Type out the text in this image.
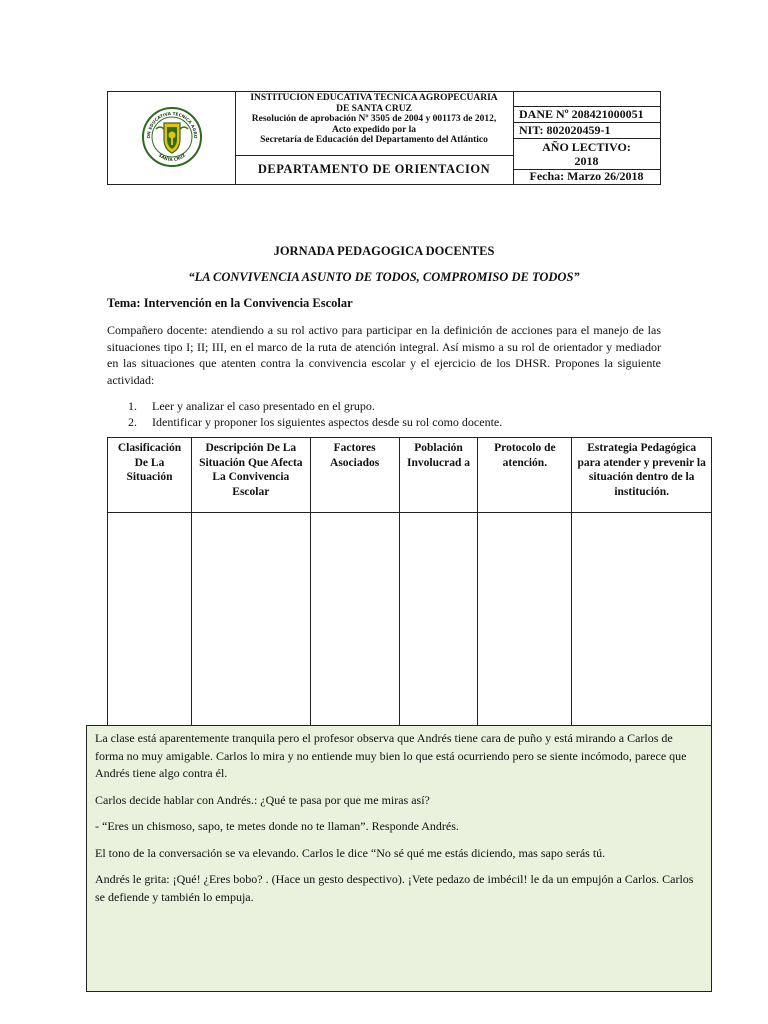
ON EDUCATIVA TECNICA AGRO
SANTA CRUZ
INSTITUCION EDUCATIVA TECNICA AGROPECUARIA
DE SANTA CRUZ
Resolución de aprobación Nº 3505 de 2004 y 001173 de 2012,
Acto expedido por la
Secretaría de Educación del Departamento del Atlántico
DEPARTAMENTO DE ORIENTACION
DANE Nº 208421000051
NIT: 802020459-1
AÑO LECTIVO:
2018
Fecha: Marzo 26/2018
JORNADA PEDAGOGICA DOCENTES
“LA CONVIVENCIA ASUNTO DE TODOS, COMPROMISO DE TODOS”
Tema: Intervención en la Convivencia Escolar
Compañero docente: atendiendo a su rol activo para participar en la definición de acciones para el manejo de las situaciones tipo I; II; III, en el marco de la ruta de atención integral. Así mismo a su rol de orientador y mediador en las situaciones que atenten contra la convivencia escolar y el ejercicio de los DHSR. Propones la siguiente actividad:
1.	Leer y analizar el caso presentado en el grupo.
2.	Identificar y proponer los siguientes aspectos desde su rol como docente.
Clasificación De La Situación	Descripción De La Situación Que Afecta La Convivencia Escolar	Factores Asociados	Población Involucrad a	Protocolo de atención.	Estrategia Pedagógica para atender y prevenir la situación dentro de la institución.

La clase está aparentemente tranquila pero el profesor observa que Andrés tiene cara de puño y está mirando a Carlos de forma no muy amigable. Carlos lo mira y no entiende muy bien lo que está ocurriendo pero se siente incómodo, parece que Andrés tiene algo contra él.

Carlos decide hablar con Andrés.: ¿Qué te pasa por que me miras así?

- “Eres un chismoso, sapo, te metes donde no te llaman”. Responde Andrés.

El tono de la conversación se va elevando. Carlos le dice “No sé qué me estás diciendo, mas sapo serás tú.

Andrés le grita: ¡Qué! ¿Eres bobo? . (Hace un gesto despectivo). ¡Vete pedazo de imbécil! le da un empujón a Carlos. Carlos se defiende y también lo empuja.
